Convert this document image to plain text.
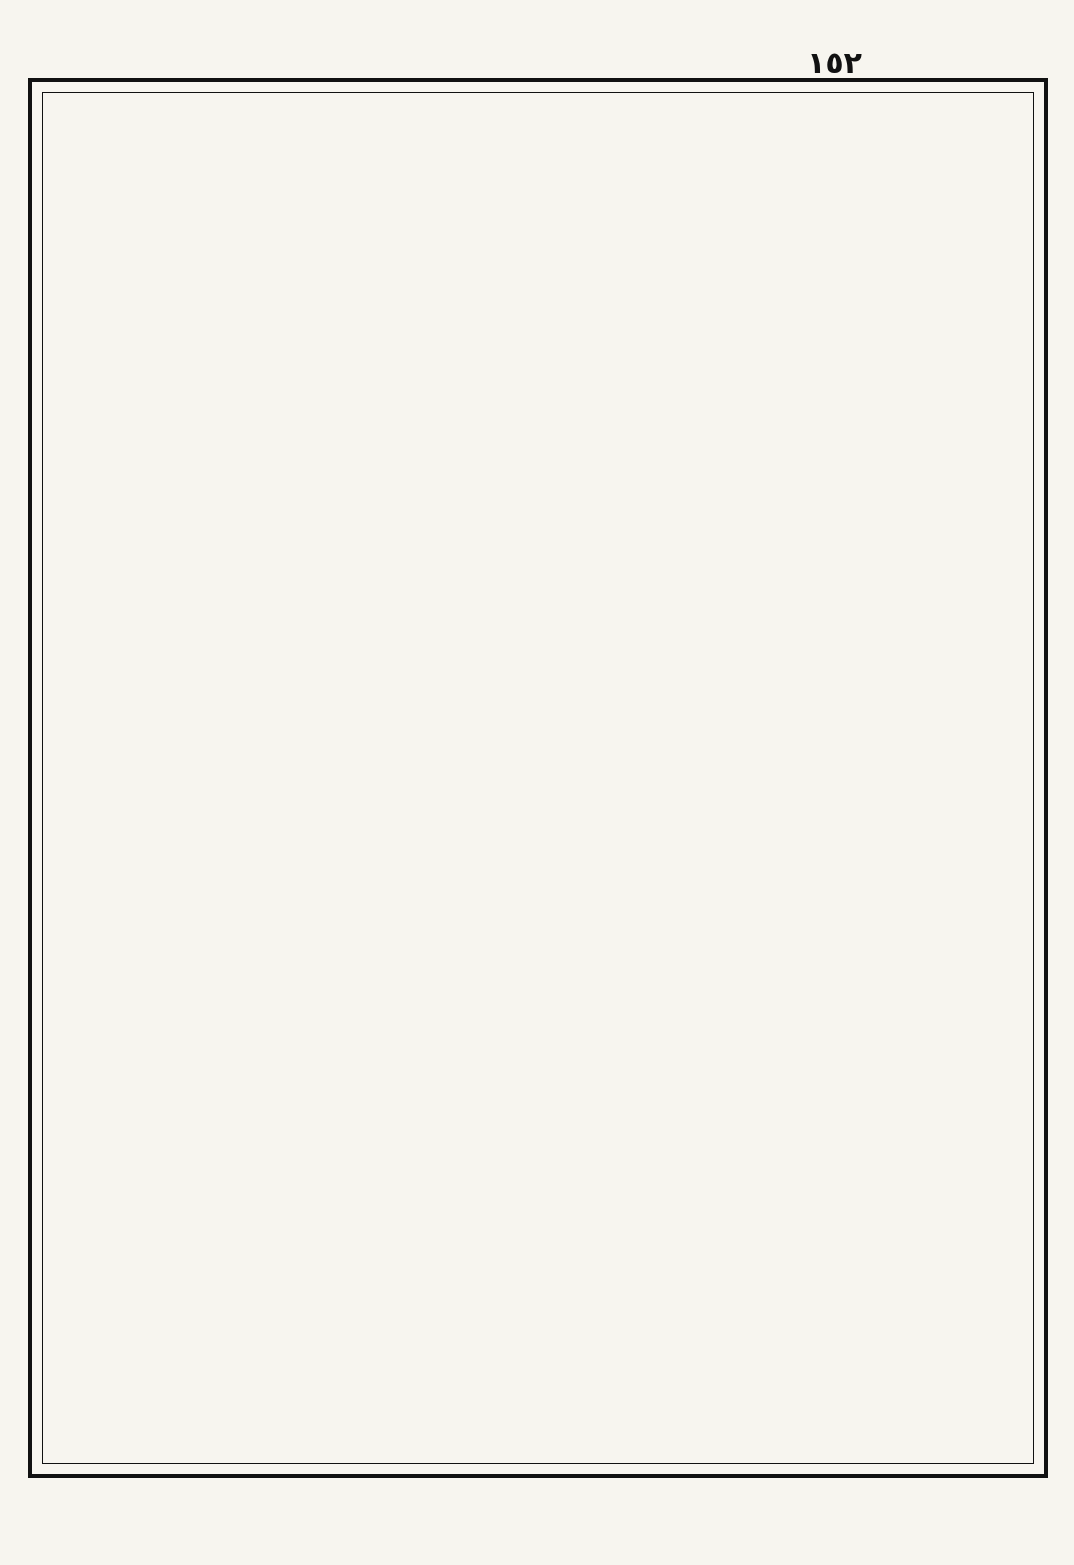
١٥٢
